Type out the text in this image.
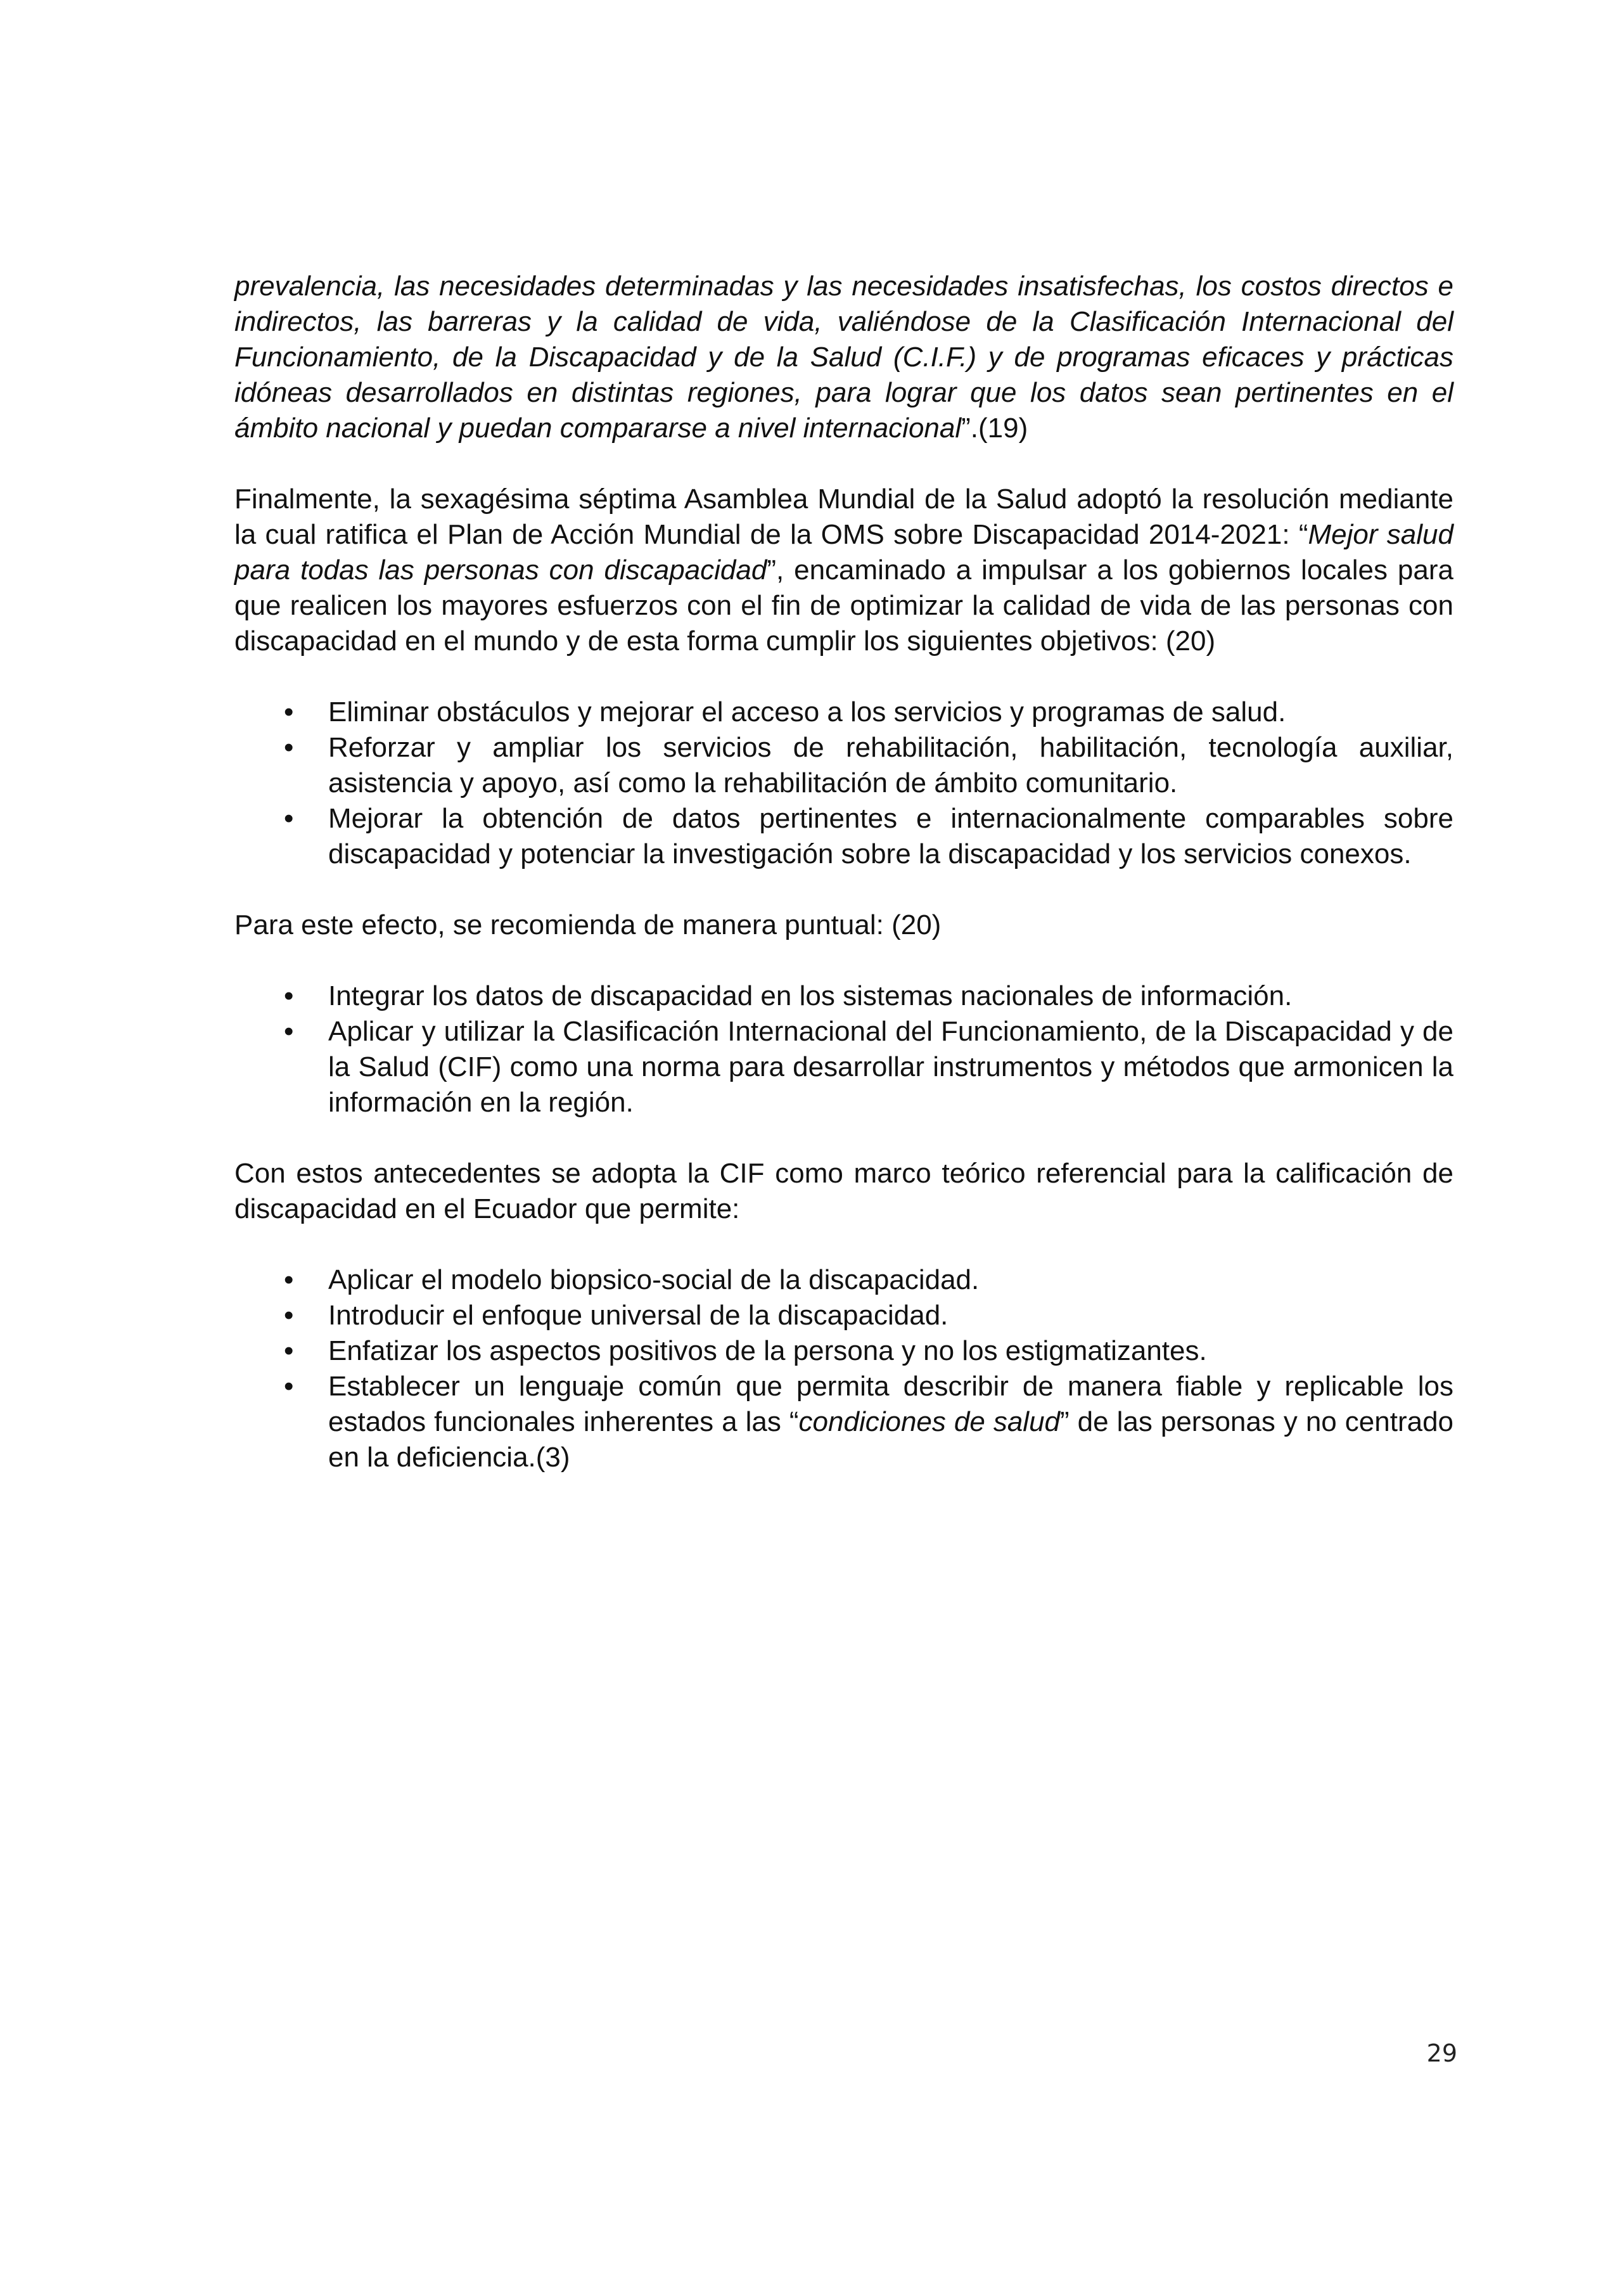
prevalencia, las necesidades determinadas y las necesidades insatisfechas, los costos directos e indirectos, las barreras y la calidad de vida, valiéndose de la Clasificación Internacional del Funcionamiento, de la Discapacidad y de la Salud (C.I.F.) y de programas eficaces y prácticas idóneas desarrollados en distintas regiones, para lograr que los datos sean pertinentes en el ámbito nacional y puedan compararse a nivel internacional”.(19)

Finalmente, la sexagésima séptima Asamblea Mundial de la Salud adoptó la resolución mediante la cual ratifica el Plan de Acción Mundial de la OMS sobre Discapacidad 2014-2021: “Mejor salud para todas las personas con discapacidad”, encaminado a impulsar a los gobiernos locales para que realicen los mayores esfuerzos con el fin de optimizar la calidad de vida de las personas con discapacidad en el mundo y de esta forma cumplir los siguientes objetivos: (20)

• Eliminar obstáculos y mejorar el acceso a los servicios y programas de salud.
• Reforzar y ampliar los servicios de rehabilitación, habilitación, tecnología auxiliar, asistencia y apoyo, así como la rehabilitación de ámbito comunitario.
• Mejorar la obtención de datos pertinentes e internacionalmente comparables sobre discapacidad y potenciar la investigación sobre la discapacidad y los servicios conexos.

Para este efecto, se recomienda de manera puntual: (20)

• Integrar los datos de discapacidad en los sistemas nacionales de información.
• Aplicar y utilizar la Clasificación Internacional del Funcionamiento, de la Discapacidad y de la Salud (CIF) como una norma para desarrollar instrumentos y métodos que armonicen la información en la región.

Con estos antecedentes se adopta la CIF como marco teórico referencial para la calificación de discapacidad en el Ecuador que permite:

• Aplicar el modelo biopsico-social de la discapacidad.
• Introducir el enfoque universal de la discapacidad.
• Enfatizar los aspectos positivos de la persona y no los estigmatizantes.
• Establecer un lenguaje común que permita describir de manera fiable y replicable los estados funcionales inherentes a las “condiciones de salud” de las personas y no centrado en la deficiencia.(3)
29
